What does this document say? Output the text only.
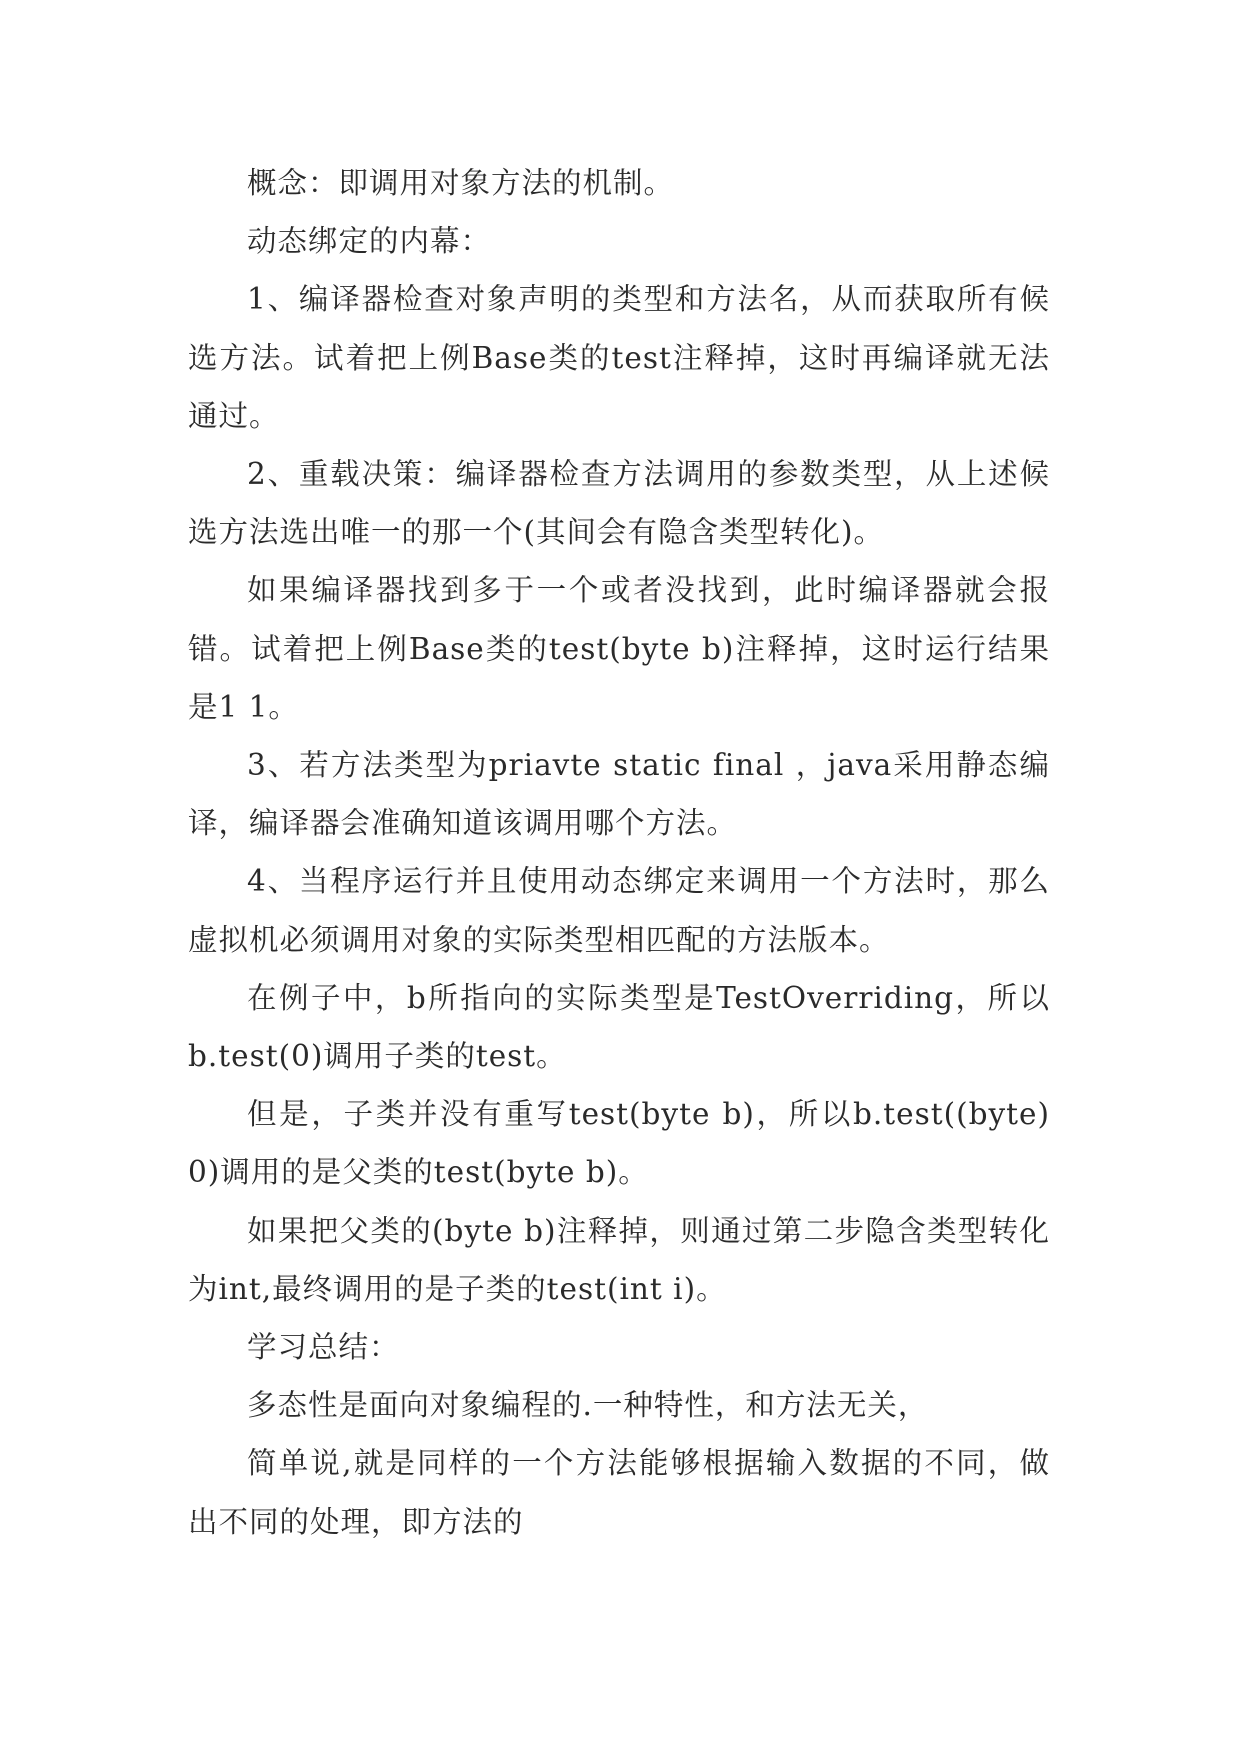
概念：即调用对象方法的机制。

动态绑定的内幕：

1、编译器检查对象声明的类型和方法名，从而获取所有候选方法。试着把上例Base类的test注释掉，这时再编译就无法通过。

2、重载决策：编译器检查方法调用的参数类型，从上述候选方法选出唯一的那一个(其间会有隐含类型转化)。

如果编译器找到多于一个或者没找到，此时编译器就会报错。试着把上例Base类的test(byte b)注释掉，这时运行结果是1 1。

3、若方法类型为priavte static final ，java采用静态编译，编译器会准确知道该调用哪个方法。

4、当程序运行并且使用动态绑定来调用一个方法时，那么虚拟机必须调用对象的实际类型相匹配的方法版本。

在例子中，b所指向的实际类型是TestOverriding，所以b.test(0)调用子类的test。

但是，子类并没有重写test(byte b)，所以b.test((byte)0)调用的是父类的test(byte b)。

如果把父类的(byte b)注释掉，则通过第二步隐含类型转化为int,最终调用的是子类的test(int i)。

学习总结：

多态性是面向对象编程的.一种特性，和方法无关，

简单说,就是同样的一个方法能够根据输入数据的不同，做出不同的处理，即方法的
